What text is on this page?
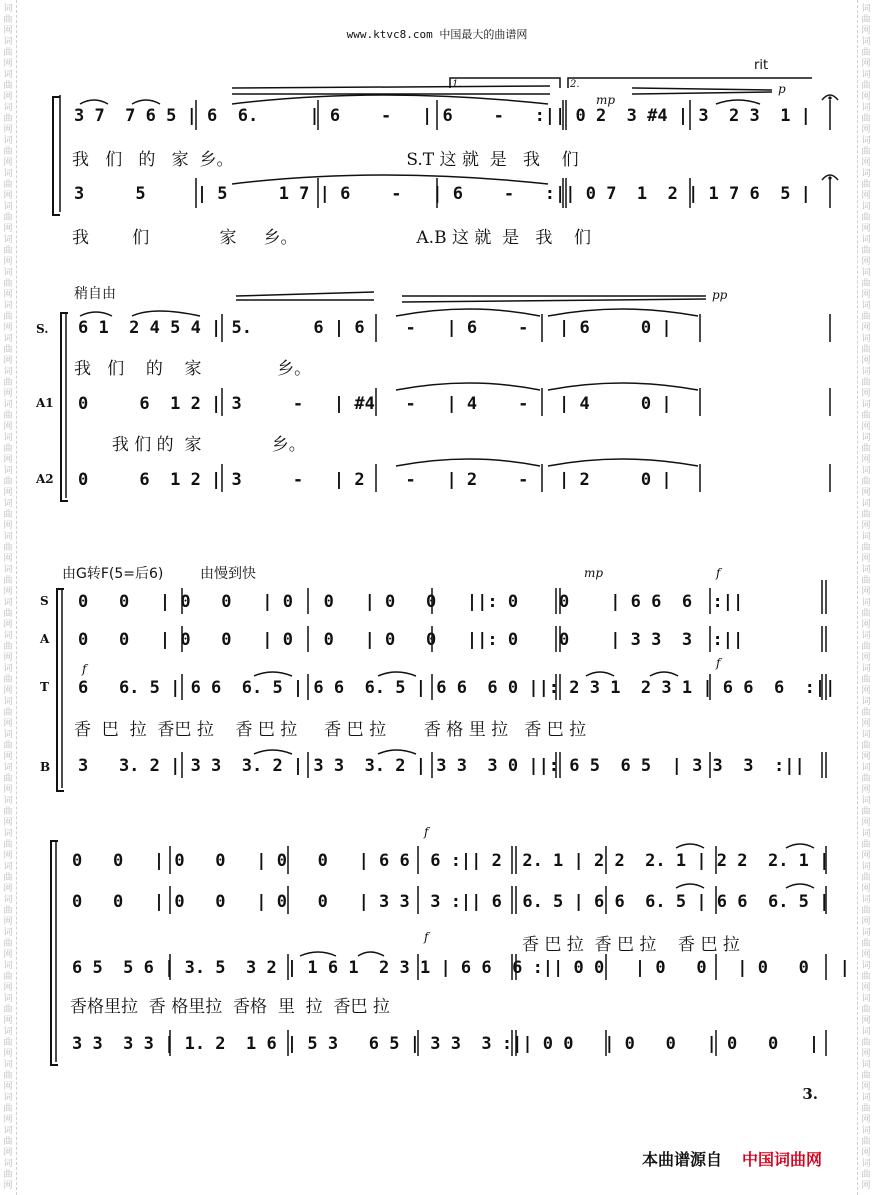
词	词
曲	曲
网	网
词	词
曲	曲
网	网
词	词
曲	曲
网	网
词	词
曲	曲
网	网
词	词
曲	曲
网	网
词	词
曲	曲
网	网
词	词
曲	曲
网	网
词	词
曲	曲
网	网
词	词
曲	曲
网	网
词	词
曲	曲
网	网
词	词
曲	曲
网	网
词	词
曲	曲
网	网
词	词
曲	曲
网	网
词	词
曲	曲
网	网
词	词
曲	曲
网	网
词	词
曲	曲
网	网
词	词
曲	曲
网	网
词	词
曲	曲
网	网
词	词
曲	曲
网	网
词	词
曲	曲
网	网
词	词
曲	曲
网	网
词	词
曲	曲
网	网
词	词
曲	曲
网	网
词	词
曲	曲
网	网
词	词
曲	曲
网	网
词	词
曲	曲
网	网
词	词
曲	曲
网	网
词	词
曲	曲
网	网
词	词
曲	曲
网	网
词	词
曲	曲
网	网
词	词
曲	曲
网	网
词	词
曲	曲
网	网
词	词
曲	曲
网	网
词	词
曲	曲
网	网
词	词
曲	曲
网	网
词	词
曲	曲
网	网
www.ktvc8.com 中国最大的曲谱网
rit
1.	2.
mp
p
3 7  7 6 5 | 6  6.     | 6    -   | 6    -   :|| 0 2  3 #4 | 3  2 3  1 |
我   们   的   家  乡。                                S.T 这 就  是   我    们
3     5     | 5     1 7 | 6    -   | 6    -   :|| 0 7  1  2 | 1 7 6  5 |
我        们             家     乡。                      A.B 这 就  是   我    们
稍自由	pp
S.
A1
A2
6 1  2 4 5 4 | 5.      6 | 6    -   | 6    -   | 6     0 |
我   们    的    家              乡。
0     6  1 2 | 3     -   | #4   -   | 4    -   | 4     0 |
我 们 的  家             乡。
0     6  1 2 | 3     -   | 2    -   | 2    -   | 2     0 |
由G转F(5=后6)	由慢到快	mp	f
f	f
S
A
T
B
0   0   | 0   0   | 0   0   | 0   0   ||: 0    0    | 6 6  6  :||
0   0   | 0   0   | 0   0   | 0   0   ||: 0    0    | 3 3  3  :||
6   6. 5 | 6 6  6. 5 | 6 6  6. 5 | 6 6  6 0 ||: 2 3 1  2 3 1 | 6 6  6  :||
香  巴  拉  香巴 拉    香 巴 拉     香 巴 拉       香 格 里 拉   香 巴 拉
3   3. 2 | 3 3  3. 2 | 3 3  3. 2 | 3 3  3 0 ||: 6 5  6 5  | 3 3  3  :||
f
f
0   0   | 0   0   | 0   0   | 6 6  6 :|| 2  2. 1 | 2 2  2. 1 | 2 2  2. 1 |
0   0   | 0   0   | 0   0   | 3 3  3 :|| 6  6. 5 | 6 6  6. 5 | 6 6  6. 5 |
香 巴 拉  香 巴 拉    香 巴 拉
6 5  5 6 | 3. 5  3 2 | 1 6 1  2 3 1 | 6 6  6 :|| 0 0   | 0   0   | 0   0   |
香格里拉  香 格里拉  香格  里  拉  香巴 拉
3 3  3 3 | 1. 2  1 6 | 5 3   6 5 | 3 3  3 :|| 0 0   | 0   0   | 0   0   |
3.
本曲谱源自 中国词曲网
